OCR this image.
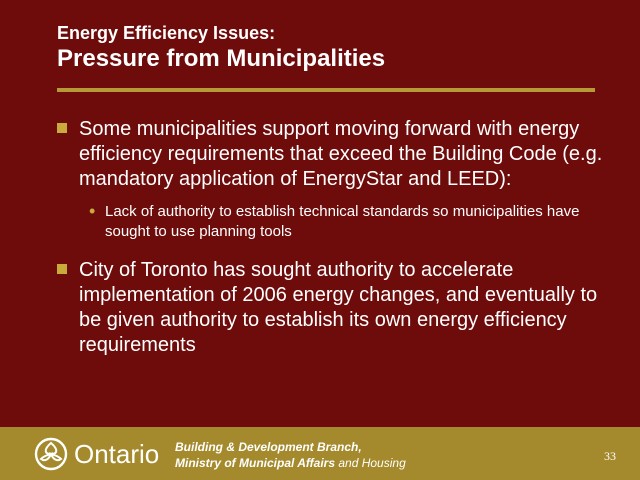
Energy Efficiency Issues:
Pressure from Municipalities
Some municipalities support moving forward with energy efficiency requirements that exceed the Building Code (e.g. mandatory application of EnergyStar and LEED):
• Lack of authority to establish technical standards so municipalities have sought to use planning tools
City of Toronto has sought authority to accelerate implementation of 2006 energy changes, and eventually to be given authority to establish its own energy efficiency requirements
Ontario Building & Development Branch,
Ministry of Municipal Affairs and Housing	33
